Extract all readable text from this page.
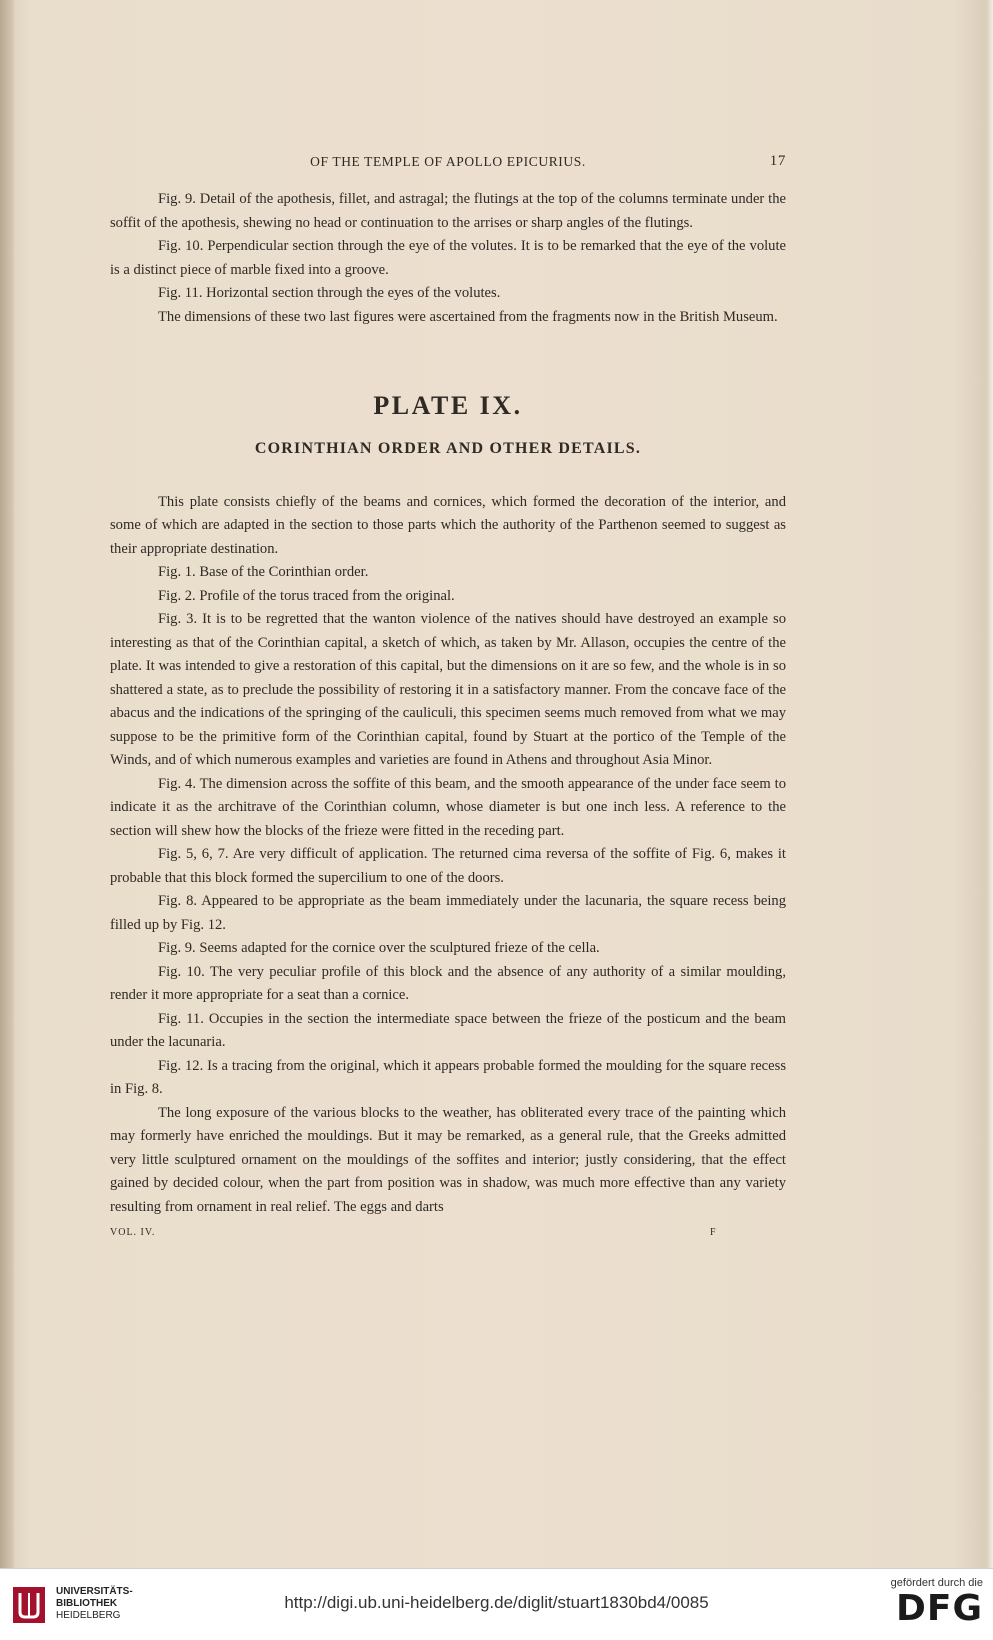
OF THE TEMPLE OF APOLLO EPICURIUS.	17

Fig. 9. Detail of the apothesis, fillet, and astragal; the flutings at the top of the columns terminate under the soffit of the apothesis, shewing no head or continuation to the arrises or sharp angles of the flutings.

Fig. 10. Perpendicular section through the eye of the volutes. It is to be remarked that the eye of the volute is a distinct piece of marble fixed into a groove.

Fig. 11. Horizontal section through the eyes of the volutes.

The dimensions of these two last figures were ascertained from the fragments now in the British Museum.

PLATE IX.
CORINTHIAN ORDER AND OTHER DETAILS.

This plate consists chiefly of the beams and cornices, which formed the decoration of the interior, and some of which are adapted in the section to those parts which the authority of the Parthenon seemed to suggest as their appropriate destination.

Fig. 1. Base of the Corinthian order.

Fig. 2. Profile of the torus traced from the original.

Fig. 3. It is to be regretted that the wanton violence of the natives should have destroyed an example so interesting as that of the Corinthian capital, a sketch of which, as taken by Mr. Allason, occupies the centre of the plate. It was intended to give a restoration of this capital, but the dimensions on it are so few, and the whole is in so shattered a state, as to preclude the possibility of restoring it in a satisfactory manner. From the concave face of the abacus and the indications of the springing of the cauliculi, this specimen seems much removed from what we may suppose to be the primitive form of the Corinthian capital, found by Stuart at the portico of the Temple of the Winds, and of which numerous examples and varieties are found in Athens and throughout Asia Minor.

Fig. 4. The dimension across the soffite of this beam, and the smooth appearance of the under face seem to indicate it as the architrave of the Corinthian column, whose diameter is but one inch less. A reference to the section will shew how the blocks of the frieze were fitted in the receding part.

Fig. 5, 6, 7. Are very difficult of application. The returned cima reversa of the soffite of Fig. 6, makes it probable that this block formed the supercilium to one of the doors.

Fig. 8. Appeared to be appropriate as the beam immediately under the lacunaria, the square recess being filled up by Fig. 12.

Fig. 9. Seems adapted for the cornice over the sculptured frieze of the cella.

Fig. 10. The very peculiar profile of this block and the absence of any authority of a similar moulding, render it more appropriate for a seat than a cornice.

Fig. 11. Occupies in the section the intermediate space between the frieze of the posticum and the beam under the lacunaria.

Fig. 12. Is a tracing from the original, which it appears probable formed the moulding for the square recess in Fig. 8.

The long exposure of the various blocks to the weather, has obliterated every trace of the painting which may formerly have enriched the mouldings. But it may be remarked, as a general rule, that the Greeks admitted very little sculptured ornament on the mouldings of the soffites and interior; justly considering, that the effect gained by decided colour, when the part from position was in shadow, was much more effective than any variety resulting from ornament in real relief. The eggs and darts

VOL. IV.	F
UNIVERSITÄTS-
BIBLIOTHEK
HEIDELBERG
http://digi.ub.uni-heidelberg.de/diglit/stuart1830bd4/0085
gefördert durch die
DFG
